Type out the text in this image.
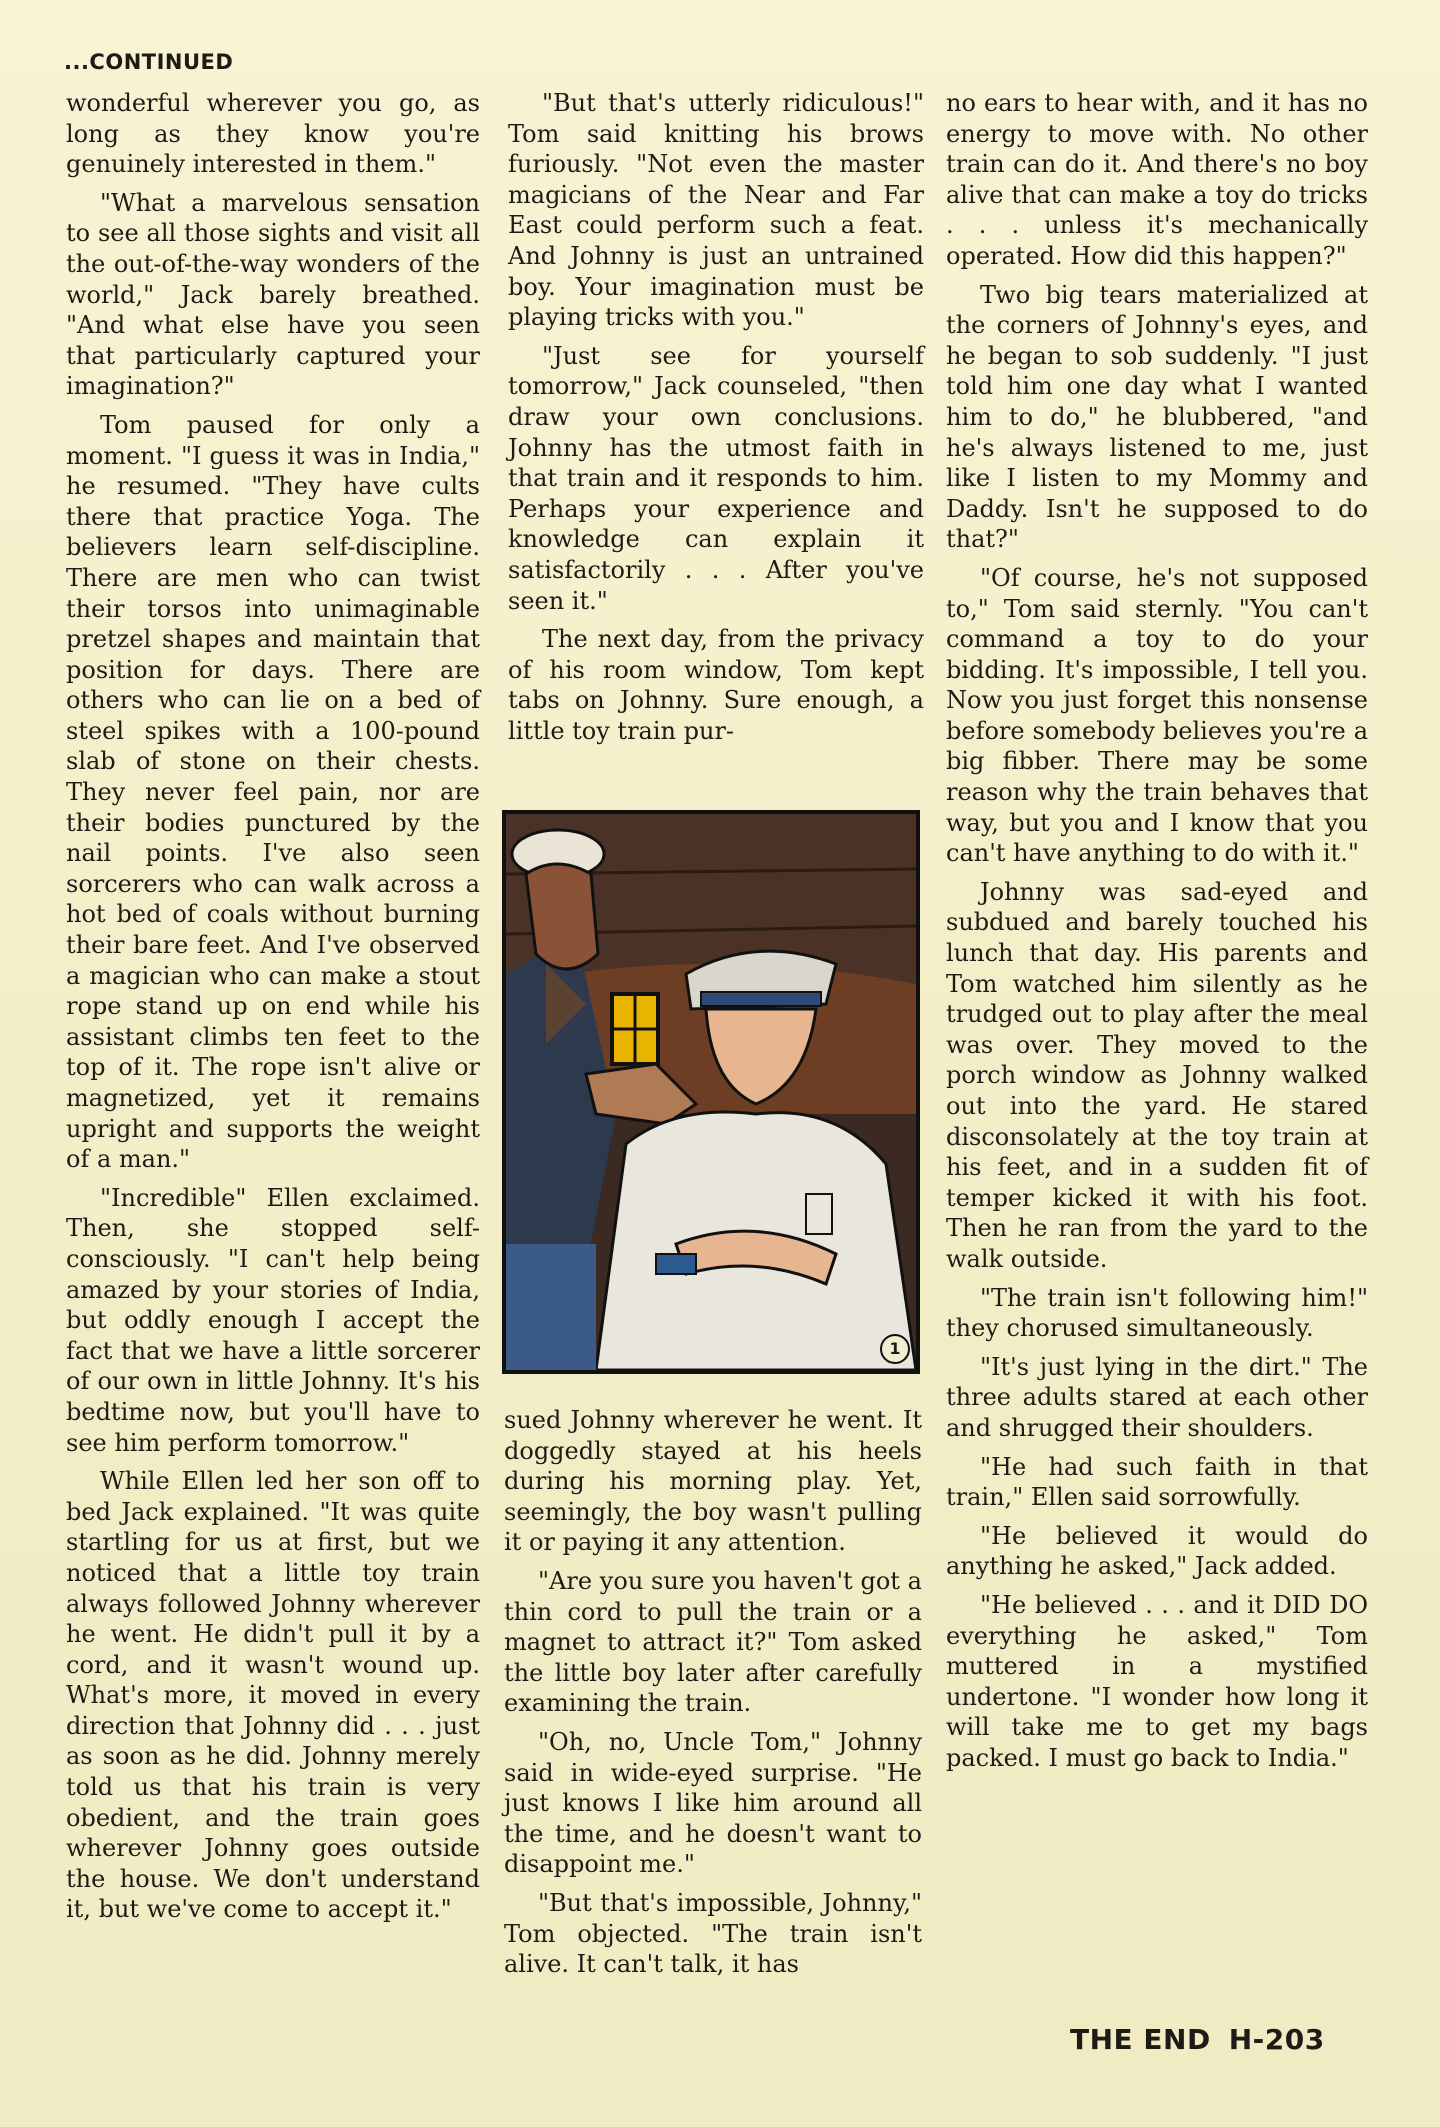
...CONTINUED

wonderful wherever you go, as long as they know you're genuinely interested in them."

"What a marvelous sensation to see all those sights and visit all the out-of-the-way wonders of the world," Jack barely breathed. "And what else have you seen that particularly captured your imagination?"

Tom paused for only a moment. "I guess it was in India," he resumed. "They have cults there that practice Yoga. The believers learn self-discipline. There are men who can twist their torsos into unimaginable pretzel shapes and maintain that position for days. There are others who can lie on a bed of steel spikes with a 100-pound slab of stone on their chests. They never feel pain, nor are their bodies punctured by the nail points. I've also seen sorcerers who can walk across a hot bed of coals without burning their bare feet. And I've observed a magician who can make a stout rope stand up on end while his assistant climbs ten feet to the top of it. The rope isn't alive or magnetized, yet it remains upright and supports the weight of a man."

"Incredible" Ellen exclaimed. Then, she stopped self-consciously. "I can't help being amazed by your stories of India, but oddly enough I accept the fact that we have a little sorcerer of our own in little Johnny. It's his bedtime now, but you'll have to see him perform tomorrow."

While Ellen led her son off to bed Jack explained. "It was quite startling for us at first, but we noticed that a little toy train always followed Johnny wherever he went. He didn't pull it by a cord, and it wasn't wound up. What's more, it moved in every direction that Johnny did . . . just as soon as he did. Johnny merely told us that his train is very obedient, and the train goes wherever Johnny goes outside the house. We don't understand it, but we've come to accept it."

"But that's utterly ridiculous!" Tom said knitting his brows furiously. "Not even the master magicians of the Near and Far East could perform such a feat. And Johnny is just an untrained boy. Your imagination must be playing tricks with you."

"Just see for yourself tomorrow," Jack counseled, "then draw your own conclusions. Johnny has the utmost faith in that train and it responds to him. Perhaps your experience and knowledge can explain it satisfactorily . . . After you've seen it."

The next day, from the privacy of his room window, Tom kept tabs on Johnny. Sure enough, a little toy train pur-

1

sued Johnny wherever he went. It doggedly stayed at his heels during his morning play. Yet, seemingly, the boy wasn't pulling it or paying it any attention.

"Are you sure you haven't got a thin cord to pull the train or a magnet to attract it?" Tom asked the little boy later after carefully examining the train.

"Oh, no, Uncle Tom," Johnny said in wide-eyed surprise. "He just knows I like him around all the time, and he doesn't want to disappoint me."

"But that's impossible, Johnny," Tom objected. "The train isn't alive. It can't talk, it has

no ears to hear with, and it has no energy to move with. No other train can do it. And there's no boy alive that can make a toy do tricks . . . unless it's mechanically operated. How did this happen?"

Two big tears materialized at the corners of Johnny's eyes, and he began to sob suddenly. "I just told him one day what I wanted him to do," he blubbered, "and he's always listened to me, just like I listen to my Mommy and Daddy. Isn't he supposed to do that?"

"Of course, he's not supposed to," Tom said sternly. "You can't command a toy to do your bidding. It's impossible, I tell you. Now you just forget this nonsense before somebody believes you're a big fibber. There may be some reason why the train behaves that way, but you and I know that you can't have anything to do with it."

Johnny was sad-eyed and subdued and barely touched his lunch that day. His parents and Tom watched him silently as he trudged out to play after the meal was over. They moved to the porch window as Johnny walked out into the yard. He stared disconsolately at the toy train at his feet, and in a sudden fit of temper kicked it with his foot. Then he ran from the yard to the walk outside.

"The train isn't following him!" they chorused simultaneously.

"It's just lying in the dirt." The three adults stared at each other and shrugged their shoulders.

"He had such faith in that train," Ellen said sorrowfully.

"He believed it would do anything he asked," Jack added.

"He believed . . . and it DID DO everything he asked," Tom muttered in a mystified undertone. "I wonder how long it will take me to get my bags packed. I must go back to India."

THE END H-203
